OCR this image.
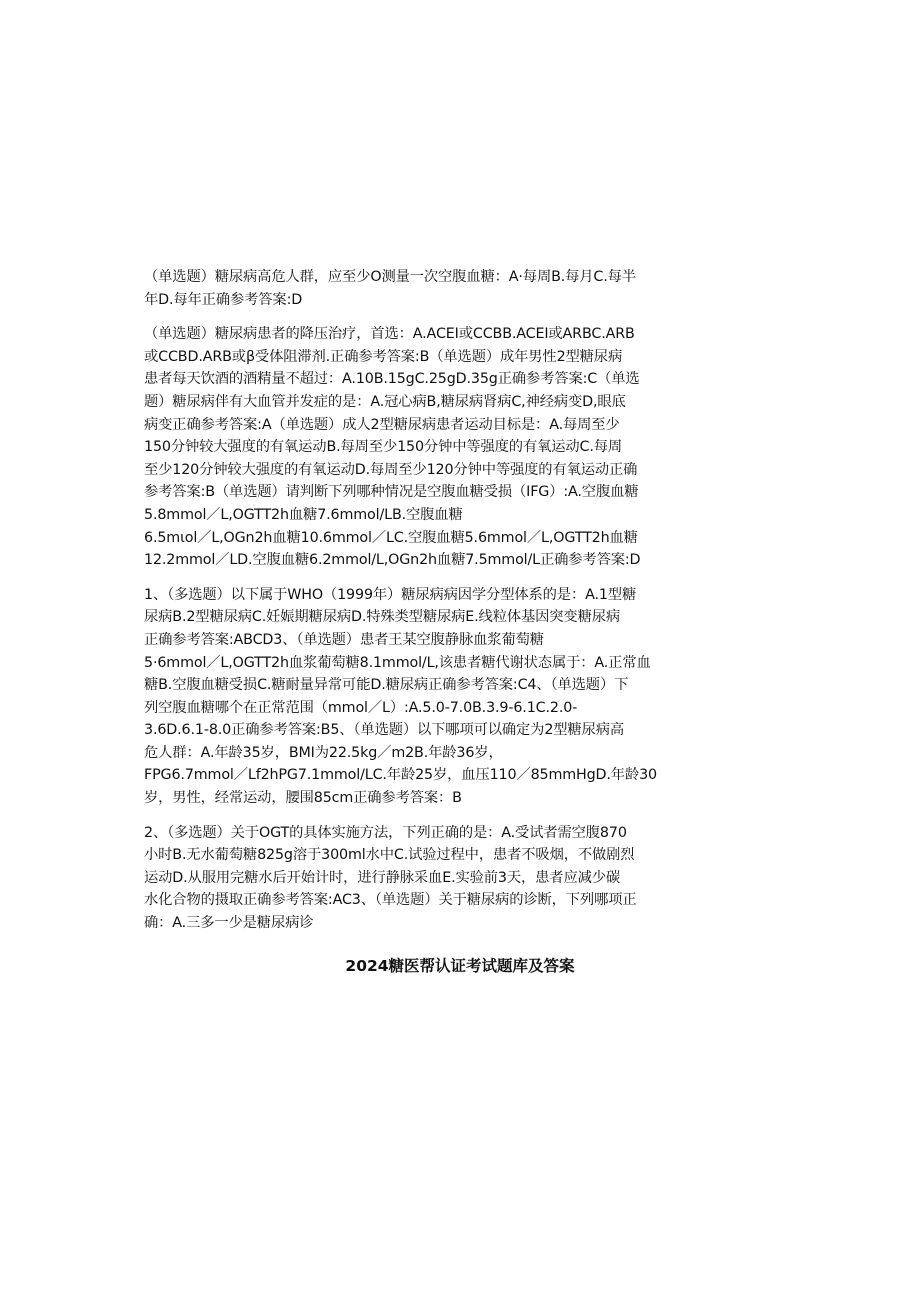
（单选题）糖尿病高危人群，应至少O测量一次空腹血糖：A·每周B.每月C.每半
年D.每年正确参考答案:D

（单选题）糖尿病患者的降压治疗，首选：A.ACEI或CCBB.ACEI或ARBC.ARB
或CCBD.ARB或β受体阻滞剂.正确参考答案:B（单选题）成年男性2型糖尿病
患者每天饮酒的酒精量不超过：A.10B.15gC.25gD.35g正确参考答案:C（单选
题）糖尿病伴有大血管并发症的是：A.冠心病B,糖尿病肾病C,神经病变D,眼底
病变正确参考答案:A（单选题）成人2型糖尿病患者运动目标是：A.每周至少
150分钟较大强度的有氧运动B.每周至少150分钟中等强度的有氧运动C.每周
至少120分钟较大强度的有氧运动D.每周至少120分钟中等强度的有氧运动正确
参考答案:B（单选题）请判断下列哪种情况是空腹血糖受损（IFG）:A.空腹血糖
5.8mmol／L,OGTT2h血糖7.6mmol/LB.空腹血糖
6.5mιol／L,OGn2h血糖10.6mmol／LC.空腹血糖5.6mmol／L,OGTT2h血糖
12.2mmol／LD.空腹血糖6.2mmol/L,OGn2h血糖7.5mmol/L正确参考答案:D

1、（多选题）以下属于WHO（1999年）糖尿病病因学分型体系的是：A.1型糖
尿病B.2型糖尿病C.妊娠期糖尿病D.特殊类型糖尿病E.线粒体基因突变糖尿病
正确参考答案:ABCD3、（单选题）患者王某空腹静脉血浆葡萄糖
5·6mmol／L,OGTT2h血浆葡萄糖8.1mmol/L,该患者糖代谢状态属于：A.正常血
糖B.空腹血糖受损C.糖耐量异常可能D.糖尿病正确参考答案:C4、（单选题）下
列空腹血糖哪个在正常范围（mmol／L）:A.5.0-7.0B.3.9-6.1C.2.0-
3.6D.6.1-8.0正确参考答案:B5、（单选题）以下哪项可以确定为2型糖尿病高
危人群：A.年龄35岁，BMI为22.5kg／m2B.年龄36岁，
FPG6.7mmol／Lf2hPG7.1mmol/LC.年龄25岁，血压110／85mmHgD.年龄30
岁，男性，经常运动，腰围85cm正确参考答案：B

2、（多选题）关于OGT的具体实施方法，下列正确的是：A.受试者需空腹870
小时B.无水葡萄糖825g溶于300ml水中C.试验过程中，患者不吸烟，不做剧烈
运动D.从服用完糖水后开始计时，进行静脉采血E.实验前3天，患者应减少碳
水化合物的摄取正确参考答案:AC3、（单选题）关于糖尿病的诊断，下列哪项正
确：A.三多一少是糖尿病诊

2024糖医帮认证考试题库及答案
